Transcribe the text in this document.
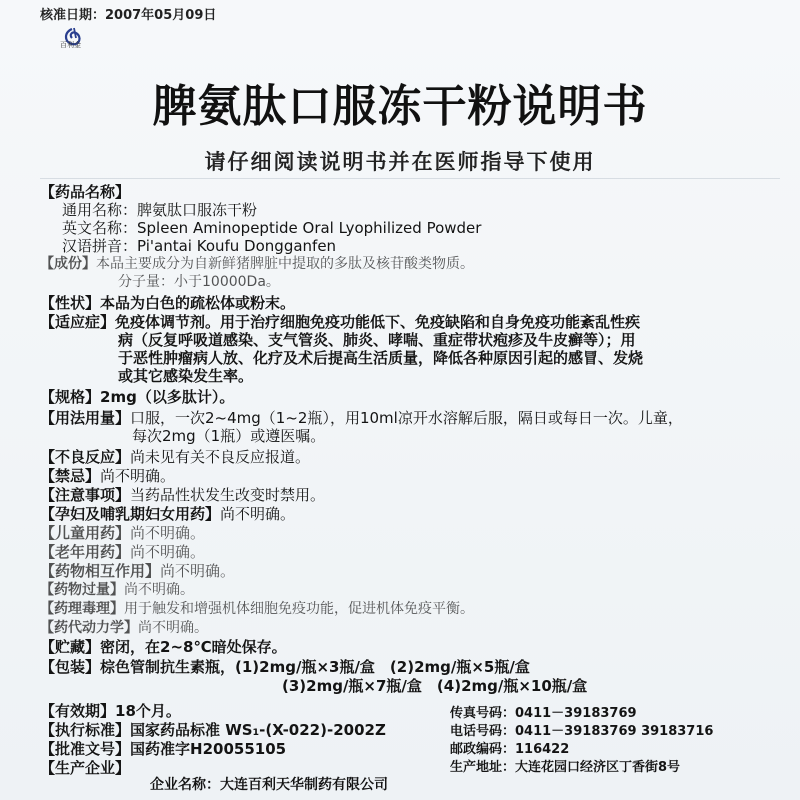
核准日期：2007年05月09日
百利金
脾氨肽口服冻干粉说明书
请仔细阅读说明书并在医师指导下使用
【药品名称】
通用名称：脾氨肽口服冻干粉
英文名称：Spleen Aminopeptide Oral Lyophilized Powder
汉语拼音：Pi'antai Koufu Dongganfen
【成份】本品主要成分为自新鲜猪脾脏中提取的多肽及核苷酸类物质。
分子量：小于10000Da。
【性状】本品为白色的疏松体或粉末。
【适应症】免疫体调节剂。用于治疗细胞免疫功能低下、免疫缺陷和自身免疫功能紊乱性疾
病（反复呼吸道感染、支气管炎、肺炎、哮喘、重症带状疱疹及牛皮癣等）；用
于恶性肿瘤病人放、化疗及术后提高生活质量，降低各种原因引起的感冒、发烧
或其它感染发生率。
【规格】2mg（以多肽计）。
【用法用量】口服，一次2~4mg（1~2瓶），用10ml凉开水溶解后服，隔日或每日一次。儿童，
每次2mg（1瓶）或遵医嘱。
【不良反应】尚未见有关不良反应报道。
【禁忌】尚不明确。
【注意事项】当药品性状发生改变时禁用。
【孕妇及哺乳期妇女用药】尚不明确。
【儿童用药】尚不明确。
【老年用药】尚不明确。
【药物相互作用】尚不明确。
【药物过量】尚不明确。
【药理毒理】用于触发和增强机体细胞免疫功能，促进机体免疫平衡。
【药代动力学】尚不明确。
【贮藏】密闭，在2~8℃暗处保存。
【包装】棕色管制抗生素瓶，(1)2mg/瓶×3瓶/盒　(2)2mg/瓶×5瓶/盒
(3)2mg/瓶×7瓶/盒　(4)2mg/瓶×10瓶/盒
【有效期】18个月。
【执行标准】国家药品标准 WS₁-(X-022)-2002Z
【批准文号】国药准字H20055105
【生产企业】
企业名称：大连百利天华制药有限公司
生产地址：大连花园口经济区丁香街8号
邮政编码：116422
电话号码：0411－39183769 39183716
传真号码：0411－39183769
